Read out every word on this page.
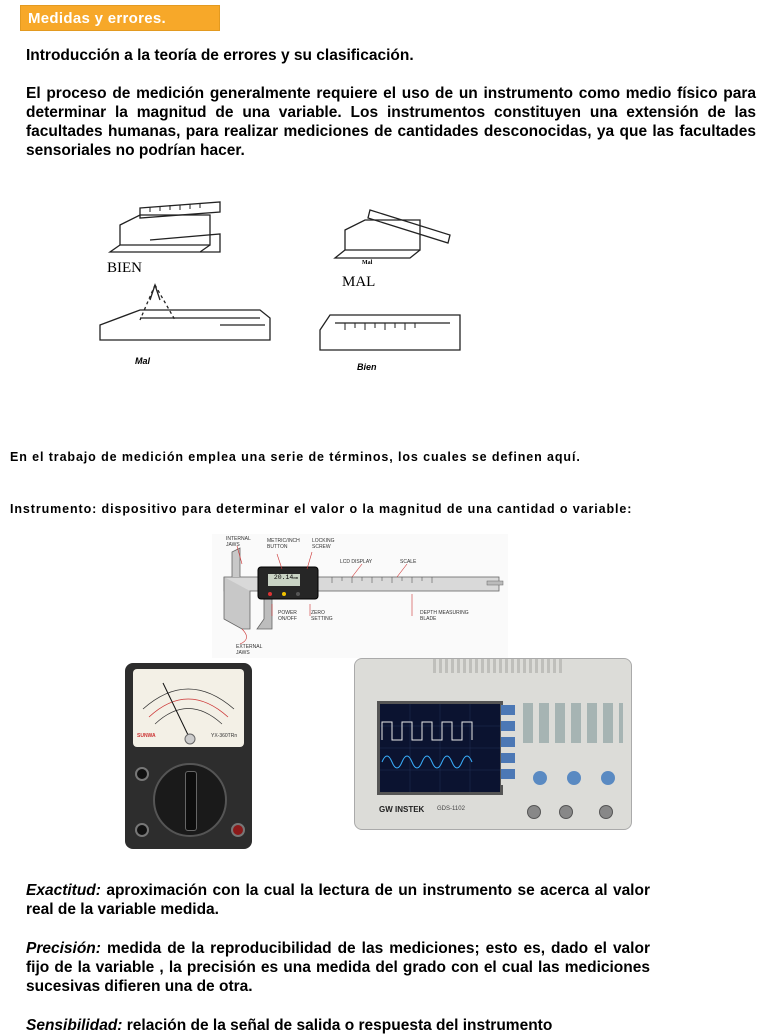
Medidas y errores.
Introducción a la teoría de errores y su clasificación.
El proceso de medición generalmente requiere el uso de un instrumento como medio físico para determinar la magnitud de una variable. Los instrumentos constituyen una extensión de las facultades humanas, para realizar mediciones de cantidades desconocidas, ya que las facultades sensoriales no podrían hacer.
BIEN	Mal
MAL
Mal
Bien
En el trabajo de medición emplea una serie de términos, los cuales se definen aquí.
Instrumento: dispositivo para determinar el valor o la magnitud de una cantidad o variable:
20.14mm
INTERNAL JAWS
METRIC/INCH BUTTON
LOCKING SCREW
LCD DISPLAY	SCALE
POWER ON/OFF
ZERO SETTING
DEPTH MEASURING BLADE
EXTERNAL JAWS
SUNWA	YX-360TRn
GW INSTEK GDS-1102
Exactitud: aproximación con la cual la lectura de un instrumento se acerca al valor real de la variable medida.
Precisión: medida de la reproducibilidad de las mediciones; esto es, dado el valor fijo de la variable , la precisión es una medida del grado con el cual las mediciones sucesivas difieren una de otra.
Sensibilidad: relación de la señal de salida o respuesta del instrumento
